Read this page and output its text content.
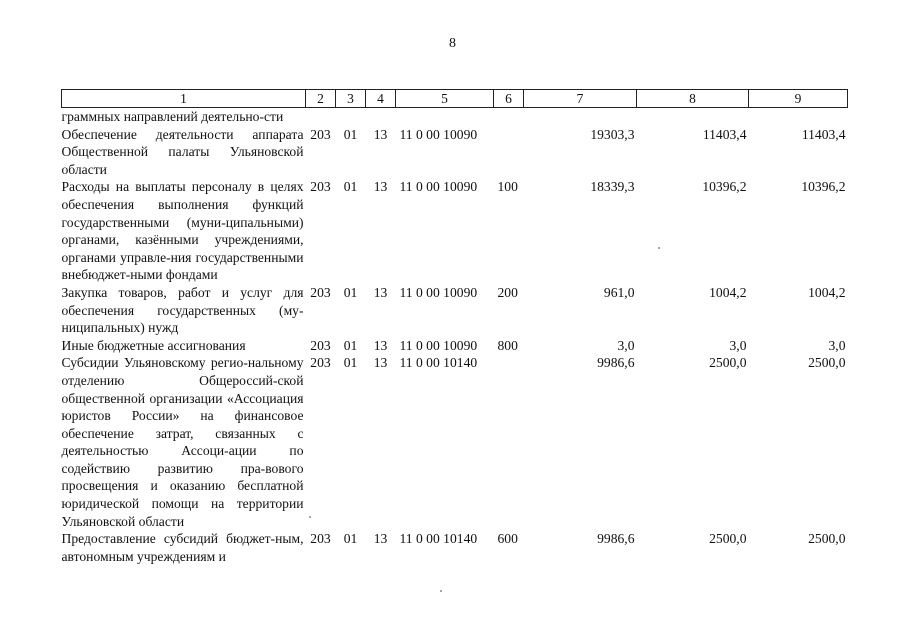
8
1	2	3	4	5	6	7	8	9
граммных направлений деятельно-сти								
Обеспечение деятельности аппарата Общественной палаты Ульяновской области	203	01	13	11 0 00 10090		19303,3	11403,4	11403,4
Расходы на выплаты персоналу в целях обеспечения выполнения функций государственными (муни-ципальными) органами, казёнными учреждениями, органами управле-ния государственными внебюджет-ными фондами	203	01	13	11 0 00 10090	100	18339,3	10396,2	10396,2
Закупка товаров, работ и услуг для обеспечения государственных (му-ниципальных) нужд	203	01	13	11 0 00 10090	200	961,0	1004,2	1004,2
Иные бюджетные ассигнования	203	01	13	11 0 00 10090	800	3,0	3,0	3,0
Субсидии Ульяновскому регио-нальному отделению Общероссий-ской общественной организации «Ассоциация юристов России» на финансовое обеспечение затрат, связанных с деятельностью Ассоци-ации по содействию развитию пра-вового просвещения и оказанию бесплатной юридической помощи на территории Ульяновской области	203	01	13	11 0 00 10140		9986,6	2500,0	2500,0
Предоставление субсидий бюджет-ным, автономным учреждениям и	203	01	13	11 0 00 10140	600	9986,6	2500,0	2500,0
